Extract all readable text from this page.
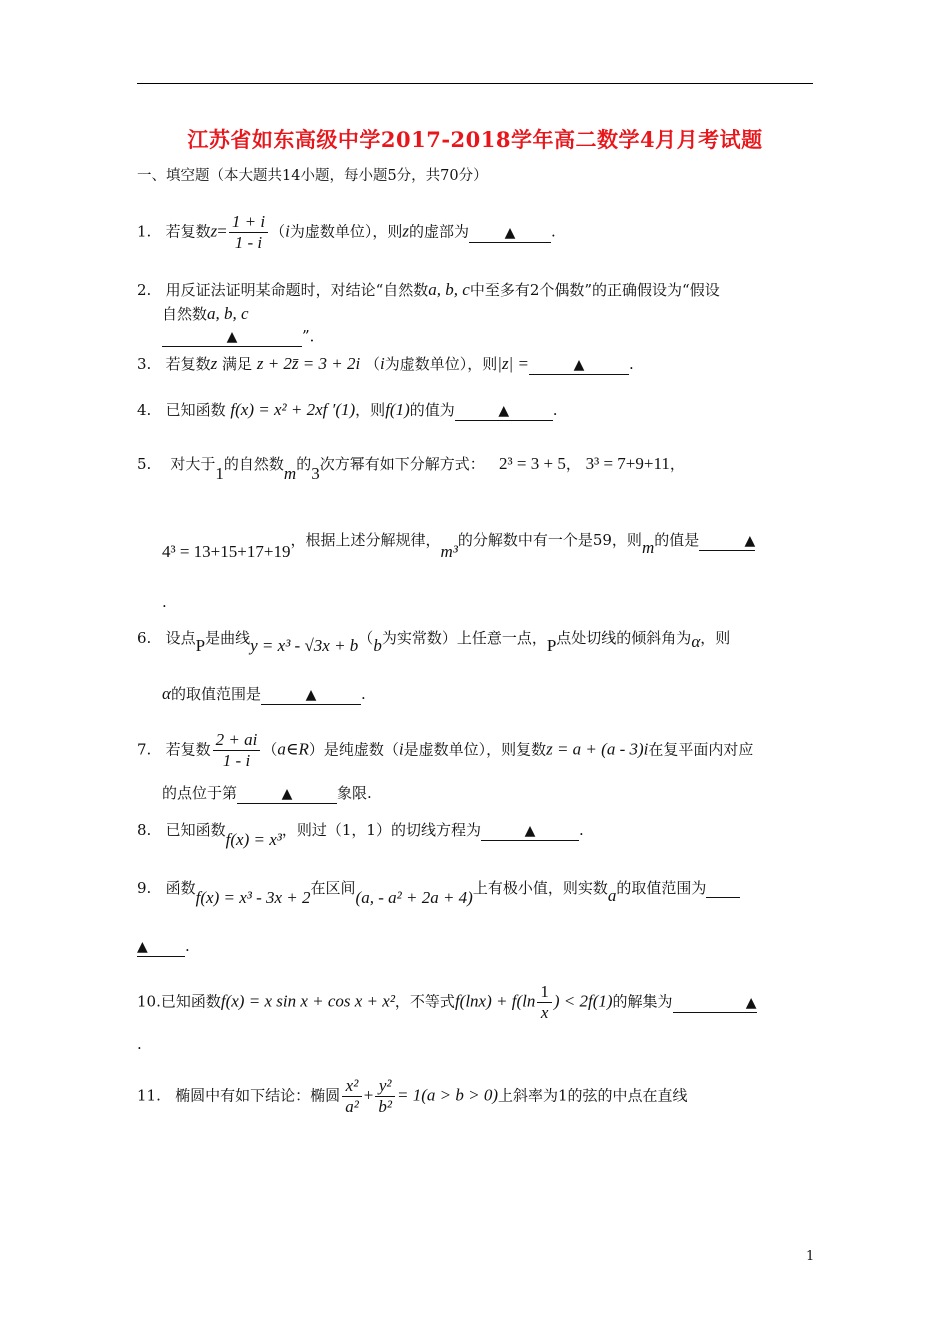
江苏省如东高级中学2017-2018学年高二数学4月月考试题
一、填空题（本大题共14小题，每小题5分，共70分）
1. 若复数$z= \frac{1 + i}{1 - i} (i$为虚数单位），则z的虚部为	▲ .
2. 用反证法证明某命题时，对结论“自然数a, b, c中至多有2个偶数”的正确假设为“假设
自然数a, b, c
▲	”．
3. 若复数z 满足 z + 2z̄ = 3 + 2i （i为虚数单位），则|z| =	▲	.
4. 已知函数 f(x) = x² + 2xf ′(1)，则f(1)的值为	▲	.
5. 对大于1的自然数m的3次方幂有如下分解方式： 2³ = 3 + 5， 3³ = 7+9+11，
4³ = 13+15+17+19，根据上述分解规律，m³的分解数中有一个是59，则m的值是	▲
.
6. 设点P是曲线y = x³ - √3x + b（b为实常数）上任意一点，P点处切线的倾斜角为α，则
α的取值范围是	▲	.
7. 若复数 $\frac{2 + ai}{1 - i}$ （a∈R）是纯虚数（i是虚数单位），则复数z = a + (a - 3)i在复平面内对应
的点位于第	▲	象限.
8. 已知函数f(x) = x³，则过（1，1）的切线方程为	▲	.
9. 函数f(x) = x³ - 3x + 2在区间(a, - a² + 2a + 4)上有极小值，则实数a的取值范围为
▲ .
10.已知函数f(x) = x sin x + cos x + x²，不等式$f(\ln x) + f(\ln \frac{1}{x}$ ) < 2f(1)的解集为	▲
.
11. 椭圆中有如下结论：椭圆 $\frac{\text{x²}}{\text{a²}} + \frac{\text{y²}}{\text{b²}} = 1(a > b > 0)$上斜率为1的弦的中点在直线
1
